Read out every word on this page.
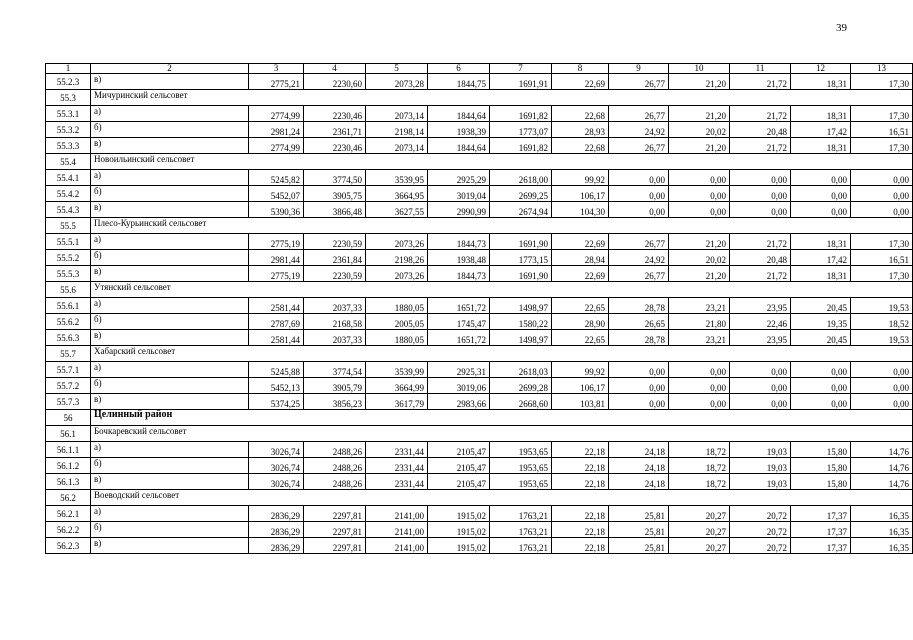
39
1	2	3	4	5	6	7	8	9	10	11	12	13
55.2.3	в)	2775,21	2230,60	2073,28	1844,75	1691,91	22,69	26,77	21,20	21,72	18,31	17,30
55.3	Мичуринский сельсовет											
55.3.1	а)	2774,99	2230,46	2073,14	1844,64	1691,82	22,68	26,77	21,20	21,72	18,31	17,30
55.3.2	б)	2981,24	2361,71	2198,14	1938,39	1773,07	28,93	24,92	20,02	20,48	17,42	16,51
55.3.3	в)	2774,99	2230,46	2073,14	1844,64	1691,82	22,68	26,77	21,20	21,72	18,31	17,30
55.4	Новоильинский сельсовет											
55.4.1	а)	5245,82	3774,50	3539,95	2925,29	2618,00	99,92	0,00	0,00	0,00	0,00	0,00
55.4.2	б)	5452,07	3905,75	3664,95	3019,04	2699,25	106,17	0,00	0,00	0,00	0,00	0,00
55.4.3	в)	5390,36	3866,48	3627,55	2990,99	2674,94	104,30	0,00	0,00	0,00	0,00	0,00
55.5	Плесо-Курьинский сельсовет											
55.5.1	а)	2775,19	2230,59	2073,26	1844,73	1691,90	22,69	26,77	21,20	21,72	18,31	17,30
55.5.2	б)	2981,44	2361,84	2198,26	1938,48	1773,15	28,94	24,92	20,02	20,48	17,42	16,51
55.5.3	в)	2775,19	2230,59	2073,26	1844,73	1691,90	22,69	26,77	21,20	21,72	18,31	17,30
55.6	Утянский сельсовет											
55.6.1	а)	2581,44	2037,33	1880,05	1651,72	1498,97	22,65	28,78	23,21	23,95	20,45	19,53
55.6.2	б)	2787,69	2168,58	2005,05	1745,47	1580,22	28,90	26,65	21,80	22,46	19,35	18,52
55.6.3	в)	2581,44	2037,33	1880,05	1651,72	1498,97	22,65	28,78	23,21	23,95	20,45	19,53
55.7	Хабарский сельсовет											
55.7.1	а)	5245,88	3774,54	3539,99	2925,31	2618,03	99,92	0,00	0,00	0,00	0,00	0,00
55.7.2	б)	5452,13	3905,79	3664,99	3019,06	2699,28	106,17	0,00	0,00	0,00	0,00	0,00
55.7.3	в)	5374,25	3856,23	3617,79	2983,66	2668,60	103,81	0,00	0,00	0,00	0,00	0,00
56	Целинный район											
56.1	Бочкаревский сельсовет											
56.1.1	а)	3026,74	2488,26	2331,44	2105,47	1953,65	22,18	24,18	18,72	19,03	15,80	14,76
56.1.2	б)	3026,74	2488,26	2331,44	2105,47	1953,65	22,18	24,18	18,72	19,03	15,80	14,76
56.1.3	в)	3026,74	2488,26	2331,44	2105,47	1953,65	22,18	24,18	18,72	19,03	15,80	14,76
56.2	Воеводский сельсовет											
56.2.1	а)	2836,29	2297,81	2141,00	1915,02	1763,21	22,18	25,81	20,27	20,72	17,37	16,35
56.2.2	б)	2836,29	2297,81	2141,00	1915,02	1763,21	22,18	25,81	20,27	20,72	17,37	16,35
56.2.3	в)	2836,29	2297,81	2141,00	1915,02	1763,21	22,18	25,81	20,27	20,72	17,37	16,35
